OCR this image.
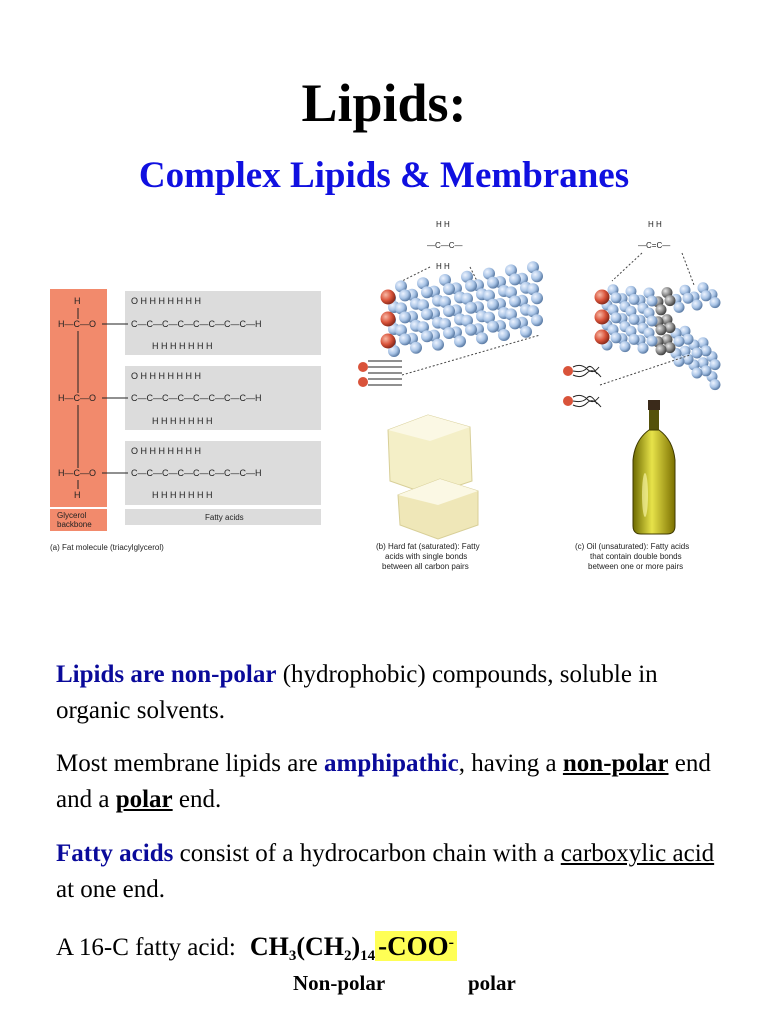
Lipids:
Complex Lipids & Membranes
H
H—C—O
H—C—O
H—C—O
H
O H H H H H H H
C—C—C—C—C—C—C—C—H
H H H H H H H
O H H H H H H H
C—C—C—C—C—C—C—C—H
H H H H H H H
O H H H H H H H
C—C—C—C—C—C—C—C—H
H H H H H H H
Glycerol
backbone
Fatty acids
(a) Fat molecule (triacylglycerol)
H H
—C—C—
H H
(b) Hard fat (saturated): Fatty
acids with single bonds
between all carbon pairs
H H
—C=C—
(c) Oil (unsaturated): Fatty acids
that contain double bonds
between one or more pairs
Lipids are non-polar (hydrophobic) compounds, soluble in organic solvents.
Most membrane lipids are amphipathic, having a non-polar end and a polar end.
Fatty acids consist of a hydrocarbon chain with a carboxylic acid at one end.
A 16-C fatty acid: $CH_3(CH_2)_{14}$ -COO-
Non-polar	polar
